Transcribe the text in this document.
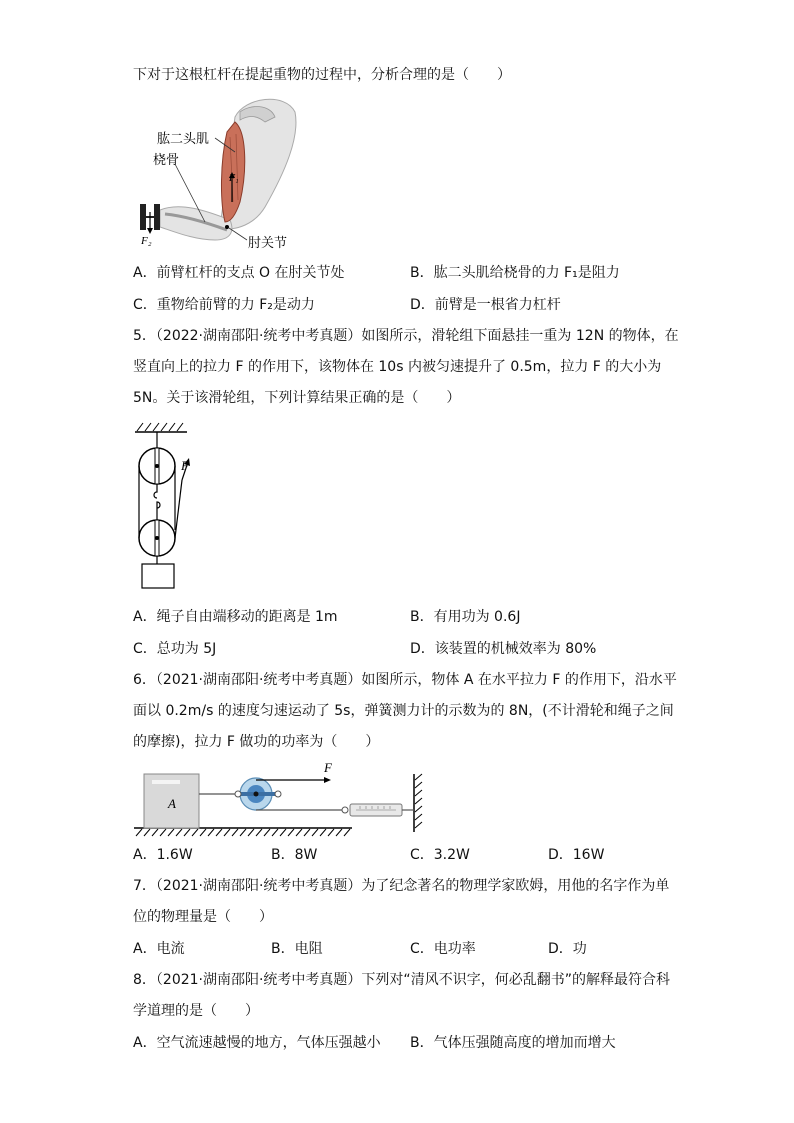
下对于这根杠杆在提起重物的过程中，分析合理的是（　　）
肱二头肌
桡骨
肘关节
F₁
F₂
A．前臂杠杆的支点 O 在肘关节处	B．肱二头肌给桡骨的力 F₁是阻力
C．重物给前臂的力 F₂是动力	D．前臂是一根省力杠杆
5．（2022·湖南邵阳·统考中考真题）如图所示，滑轮组下面悬挂一重为 12N 的物体，在
竖直向上的拉力 F 的作用下，该物体在 10s 内被匀速提升了 0.5m，拉力 F 的大小为
5N。关于该滑轮组，下列计算结果正确的是（　　）
F
A．绳子自由端移动的距离是 1m	B．有用功为 0.6J
C．总功为 5J	D．该装置的机械效率为 80%
6．（2021·湖南邵阳·统考中考真题）如图所示，物体 A 在水平拉力 F 的作用下，沿水平
面以 0.2m/s 的速度匀速运动了 5s，弹簧测力计的示数为的 8N，(不计滑轮和绳子之间
的摩擦)，拉力 F 做功的功率为（　　）
A
F
A．1.6W	B．8W	C．3.2W	D．16W
7．（2021·湖南邵阳·统考中考真题）为了纪念著名的物理学家欧姆，用他的名字作为单
位的物理量是（　　）
A．电流	B．电阻	C．电功率	D．功
8．（2021·湖南邵阳·统考中考真题）下列对“清风不识字，何必乱翻书”的解释最符合科
学道理的是（　　）
A．空气流速越慢的地方，气体压强越小 B．气体压强随高度的增加而增大
